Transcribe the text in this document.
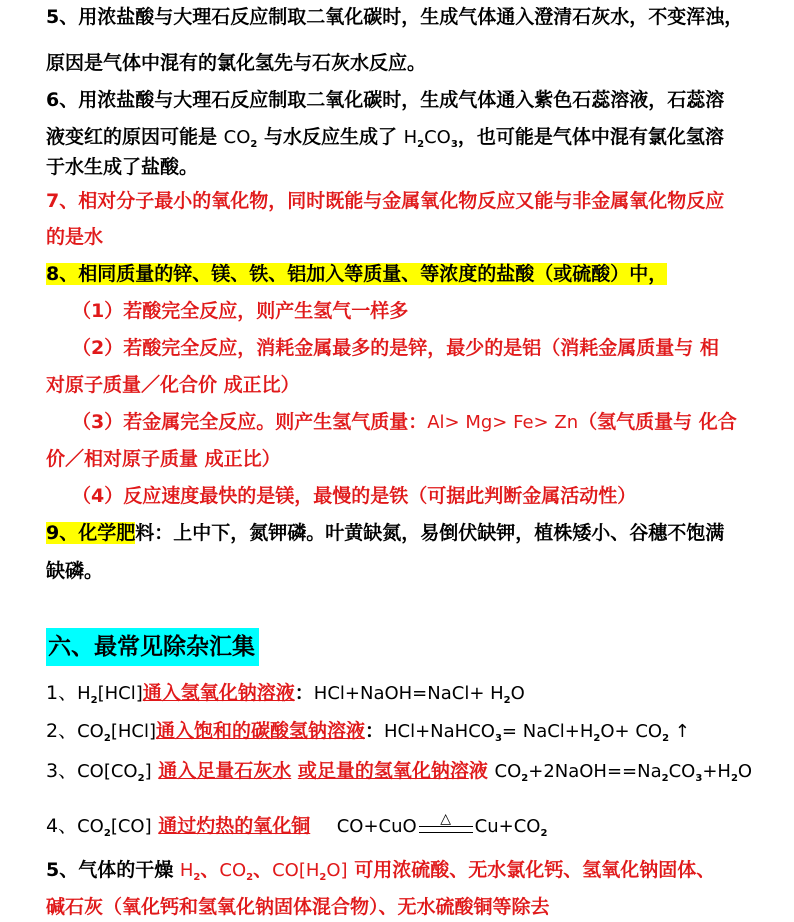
5、用浓盐酸与大理石反应制取二氧化碳时，生成气体通入澄清石灰水，不变浑浊，
原因是气体中混有的氯化氢先与石灰水反应。
6、用浓盐酸与大理石反应制取二氧化碳时，生成气体通入紫色石蕊溶液，石蕊溶
液变红的原因可能是 $CO_2$ 与水反应生成了 $H_2CO_3$，也可能是气体中混有氯化氢溶
于水生成了盐酸。
7、相对分子最小的氧化物，同时既能与金属氧化物反应又能与非金属氧化物反应
的是水
8、相同质量的锌、镁、铁、铝加入等质量、等浓度的盐酸（或硫酸）中，
（1）若酸完全反应，则产生氢气一样多
（2）若酸完全反应，消耗金属最多的是锌，最少的是铝（消耗金属质量与 相
对原子质量／化合价 成正比）
（3）若金属完全反应。则产生氢气质量：Al> Mg> Fe> Zn（氢气质量与 化合
价／相对原子质量 成正比）
（4）反应速度最快的是镁，最慢的是铁（可据此判断金属活动性）
9、化学肥料：上中下，氮钾磷。叶黄缺氮，易倒伏缺钾，植株矮小、谷穗不饱满
缺磷。
六、最常见除杂汇集
1、$H_2[HCl]$通入氢氧化钠溶液：HCl+NaOH=NaCl+ $H_2O$
2、$CO_2[HCl]$通入饱和的碳酸氢钠溶液：HCl+NaHCO$_3$= $NaCl+H_2O+ CO_2$ ↑
3、$CO[CO_2]$ 通入足量石灰水 或足量的氢氧化钠溶液 $CO_2+2NaOH==Na_2CO_3+H_2O$
4、$CO_2[CO]$ 通过灼热的氧化铜 CO+CuO	△	$Cu+CO_2$
5、气体的干燥 $H_2$、$CO_2$、$CO[H_2O]$ 可用浓硫酸、无水氯化钙、氢氧化钠固体、
碱石灰（氧化钙和氢氧化钠固体混合物）、无水硫酸铜等除去
